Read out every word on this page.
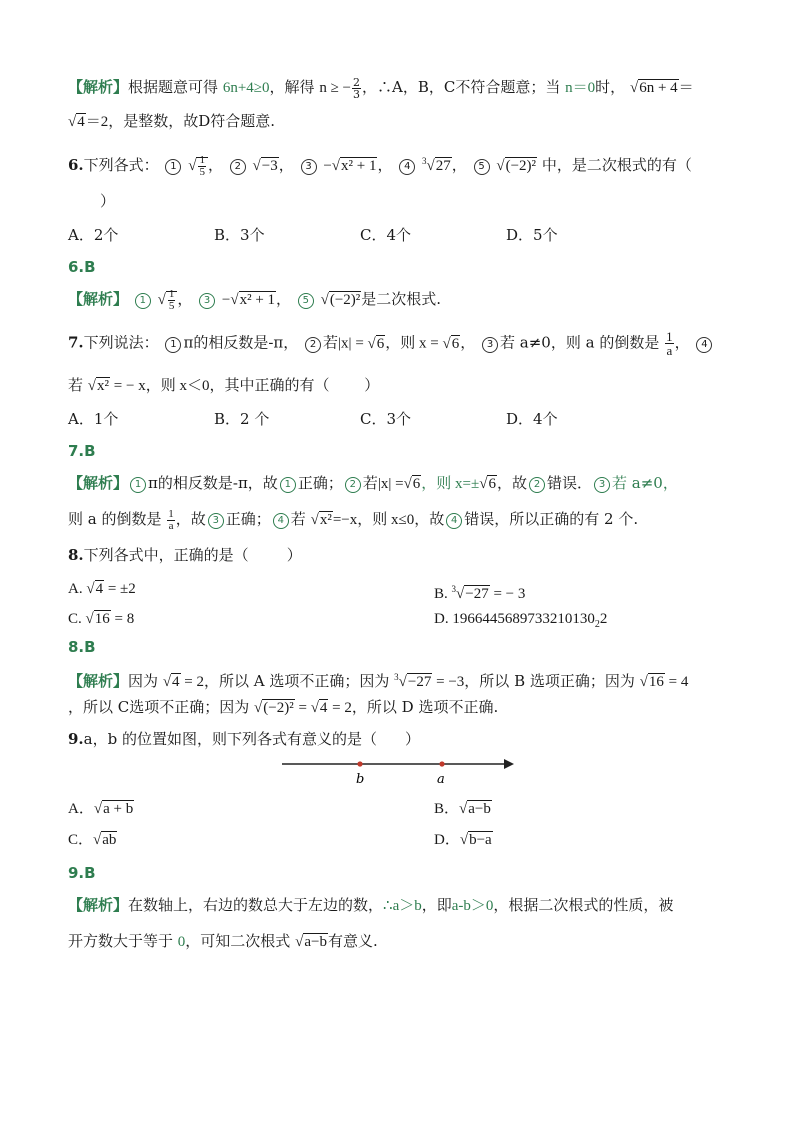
【解析】根据题意可得 6n+4≥0，解得 n ≥ − $\frac{2}{3}$ ，∴A，B，C不符合题意；当 n＝0时， √6n + 4＝
√4＝2，是整数，故D符合题意.
6.下列各式： 1 √ $\frac{1}{5}$ ， 2 √−3， 3 −√x² + 1， 4 $^3$√27， 5 √(−2)² 中，是二次根式的有（
）
A．2个	B．3个	C．4个	D．5个
6.B
【解析】 1 √ $\frac{1}{5}$ ， 3 −√x² + 1， 5 √(−2)²是二次根式.
7.下列说法： 1 π的相反数是-π， 2 若|x| = √6，则 x = √6， 3 若 a≠0，则 a 的倒数是 $\frac{1}{a}$ ， 4
若 √x² = − x，则 x＜0，其中正确的有（ ）
A．1个	B．2 个	C．3个	D．4个
7.B
【解析】 1 π的相反数是-π，故 1 正确； 2 若|x| =√6，则 x=±√6，故 2 错误． 3 若 a≠0，
则 a 的倒数是 $\frac{1}{a}$ ，故 3 正确； 4 若 √x²=−x，则 x≤0，故 4 错误，所以正确的有 2 个.
8.下列各式中，正确的是（	）
A. √4 = ±2	B. $^3$√−27 = − 3
C. √16 = 8	D. $1966445689733210130_22$
8.B
【解析】因为 √4 = 2，所以 A 选项不正确；因为 $^3$√−27 = −3，所以 B 选项正确；因为 √16 = 4
，所以 C选项不正确；因为 √(−2)² = √4 = 2，所以 D 选项不正确.
9.a，b 的位置如图，则下列各式有意义的是（ ）
b	a
A．√a + b	B．√a−b
C．√ab	D．√b−a
9.B
【解析】在数轴上，右边的数总大于左边的数，∴a＞b，即a-b＞0，根据二次根式的性质，被
开方数大于等于 0，可知二次根式 √a−b有意义.
